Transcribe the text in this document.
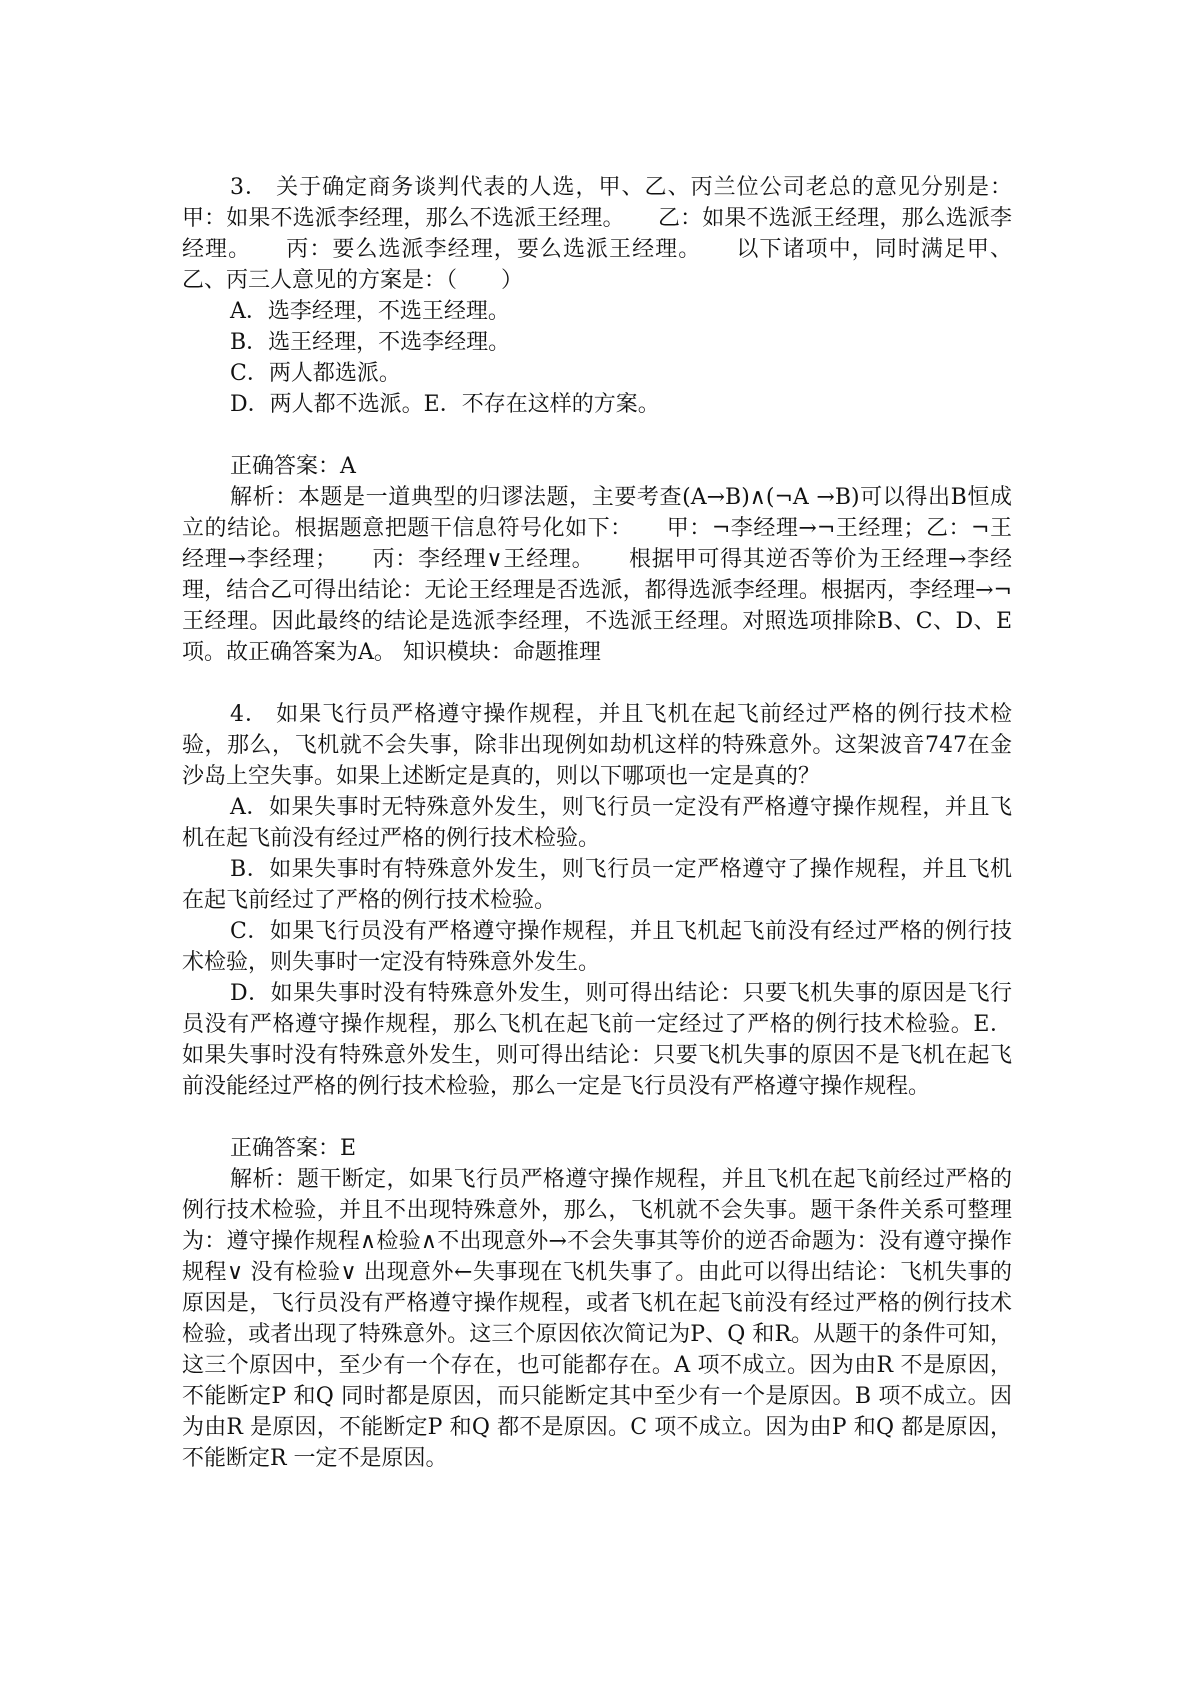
3． 关于确定商务谈判代表的人选，甲、乙、丙兰位公司老总的意见分别是：甲：如果不选派李经理，那么不选派王经理。　　乙：如果不选派王经理，那么选派李经理。　　丙：要么选派李经理，要么选派王经理。　　以下诸项中，同时满足甲、乙、丙三人意见的方案是：（　　）

A．选李经理，不选王经理。

B．选王经理，不选李经理。

C．两人都选派。

D．两人都不选派。E．不存在这样的方案。

正确答案：A

解析：本题是一道典型的归谬法题，主要考查(A→B)∧(¬A →B)可以得出B恒成立的结论。根据题意把题干信息符号化如下：　　甲：¬李经理→¬王经理；乙：¬王经理→李经理；　　丙：李经理∨王经理。　　根据甲可得其逆否等价为王经理→李经理，结合乙可得出结论：无论王经理是否选派，都得选派李经理。根据丙，李经理→¬王经理。因此最终的结论是选派李经理，不选派王经理。对照选项排除B、C、D、E项。故正确答案为A。 知识模块：命题推理

4． 如果飞行员严格遵守操作规程，并且飞机在起飞前经过严格的例行技术检验，那么，飞机就不会失事，除非出现例如劫机这样的特殊意外。这架波音747在金沙岛上空失事。如果上述断定是真的，则以下哪项也一定是真的？

A．如果失事时无特殊意外发生，则飞行员一定没有严格遵守操作规程，并且飞机在起飞前没有经过严格的例行技术检验。

B．如果失事时有特殊意外发生，则飞行员一定严格遵守了操作规程，并且飞机在起飞前经过了严格的例行技术检验。

C．如果飞行员没有严格遵守操作规程，并且飞机起飞前没有经过严格的例行技术检验，则失事时一定没有特殊意外发生。

D．如果失事时没有特殊意外发生，则可得出结论：只要飞机失事的原因是飞行员没有严格遵守操作规程，那么飞机在起飞前一定经过了严格的例行技术检验。E．如果失事时没有特殊意外发生，则可得出结论：只要飞机失事的原因不是飞机在起飞前没能经过严格的例行技术检验，那么一定是飞行员没有严格遵守操作规程。

正确答案：E

解析：题干断定，如果飞行员严格遵守操作规程，并且飞机在起飞前经过严格的例行技术检验，并且不出现特殊意外，那么，飞机就不会失事。题干条件关系可整理为：遵守操作规程∧检验∧不出现意外→不会失事其等价的逆否命题为：没有遵守操作规程∨ 没有检验∨ 出现意外←失事现在飞机失事了。由此可以得出结论：飞机失事的原因是，飞行员没有严格遵守操作规程，或者飞机在起飞前没有经过严格的例行技术检验，或者出现了特殊意外。这三个原因依次简记为P、Q 和R。从题干的条件可知，这三个原因中，至少有一个存在，也可能都存在。A 项不成立。因为由R 不是原因，不能断定P 和Q 同时都是原因，而只能断定其中至少有一个是原因。B 项不成立。因为由R 是原因，不能断定P 和Q 都不是原因。C 项不成立。因为由P 和Q 都是原因，不能断定R 一定不是原因。
